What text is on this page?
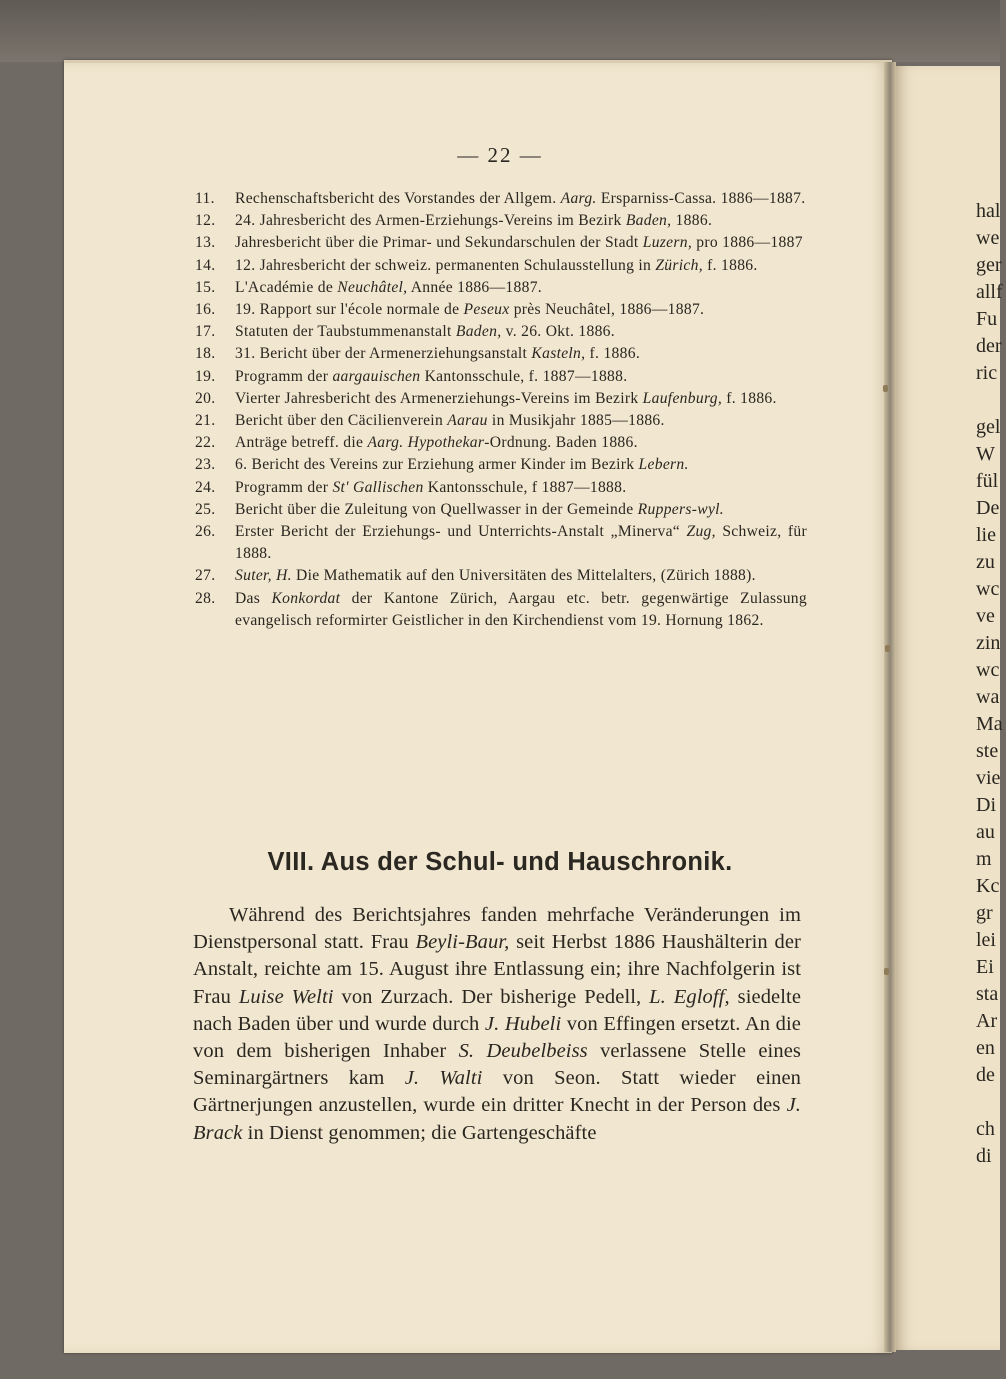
— 22 —
11.	Rechenschaftsbericht des Vorstandes der Allgem. Aarg. Ersparniss-Cassa. 1886—1887.
12.	24. Jahresbericht des Armen-Erziehungs-Vereins im Bezirk Baden, 1886.
13.	Jahresbericht über die Primar- und Sekundarschulen der Stadt Luzern, pro 1886—1887
14.	12. Jahresbericht der schweiz. permanenten Schulausstellung in Zürich, f. 1886.
15.	L'Académie de Neuchâtel, Année 1886—1887.
16.	19. Rapport sur l'école normale de Peseux près Neuchâtel, 1886—1887.
17.	Statuten der Taubstummenanstalt Baden, v. 26. Okt. 1886.
18.	31. Bericht über der Armenerziehungsanstalt Kasteln, f. 1886.
19.	Programm der aargauischen Kantonsschule, f. 1887—1888.
20.	Vierter Jahresbericht des Armenerziehungs-Vereins im Bezirk Laufenburg, f. 1886.
21.	Bericht über den Cäcilienverein Aarau in Musikjahr 1885—1886.
22.	Anträge betreff. die Aarg. Hypothekar-Ordnung. Baden 1886.
23.	6. Bericht des Vereins zur Erziehung armer Kinder im Bezirk Lebern.
24.	Programm der St' Gallischen Kantonsschule, f 1887—1888.
25.	Bericht über die Zuleitung von Quellwasser in der Gemeinde Ruppers-wyl.
26.	Erster Bericht der Erziehungs- und Unterrichts-Anstalt „Minerva“ Zug, Schweiz, für 1888.
27.	Suter, H. Die Mathematik auf den Universitäten des Mittelalters, (Zürich 1888).
28.	Das Konkordat der Kantone Zürich, Aargau etc. betr. gegenwärtige Zulassung evangelisch reformirter Geistlicher in den Kirchendienst vom 19. Hornung 1862.
VIII. Aus der Schul- und Hauschronik.
Während des Berichtsjahres fanden mehrfache Veränderungen im Dienstpersonal statt. Frau Beyli-Baur, seit Herbst 1886 Haushälterin der Anstalt, reichte am 15. August ihre Entlassung ein; ihre Nachfolgerin ist Frau Luise Welti von Zurzach. Der bisherige Pedell, L. Egloff, siedelte nach Baden über und wurde durch J. Hubeli von Effingen ersetzt. An die von dem bisherigen Inhaber S. Deubelbeiss verlassene Stelle eines Seminargärtners kam J. Walti von Seon. Statt wieder einen Gärtnerjungen anzustellen, wurde ein dritter Knecht in der Person des J. Brack in Dienst genommen; die Gartengeschäfte
hal
we
ger
allf
Fu
der
ric
gel
W
fül
De
lie
zu
wc
ve
zin
wc
wa
Ma
ste
vie
Di
au
m
Kc
gr
lei
Ei
sta
Ar
en
de
ch
di
